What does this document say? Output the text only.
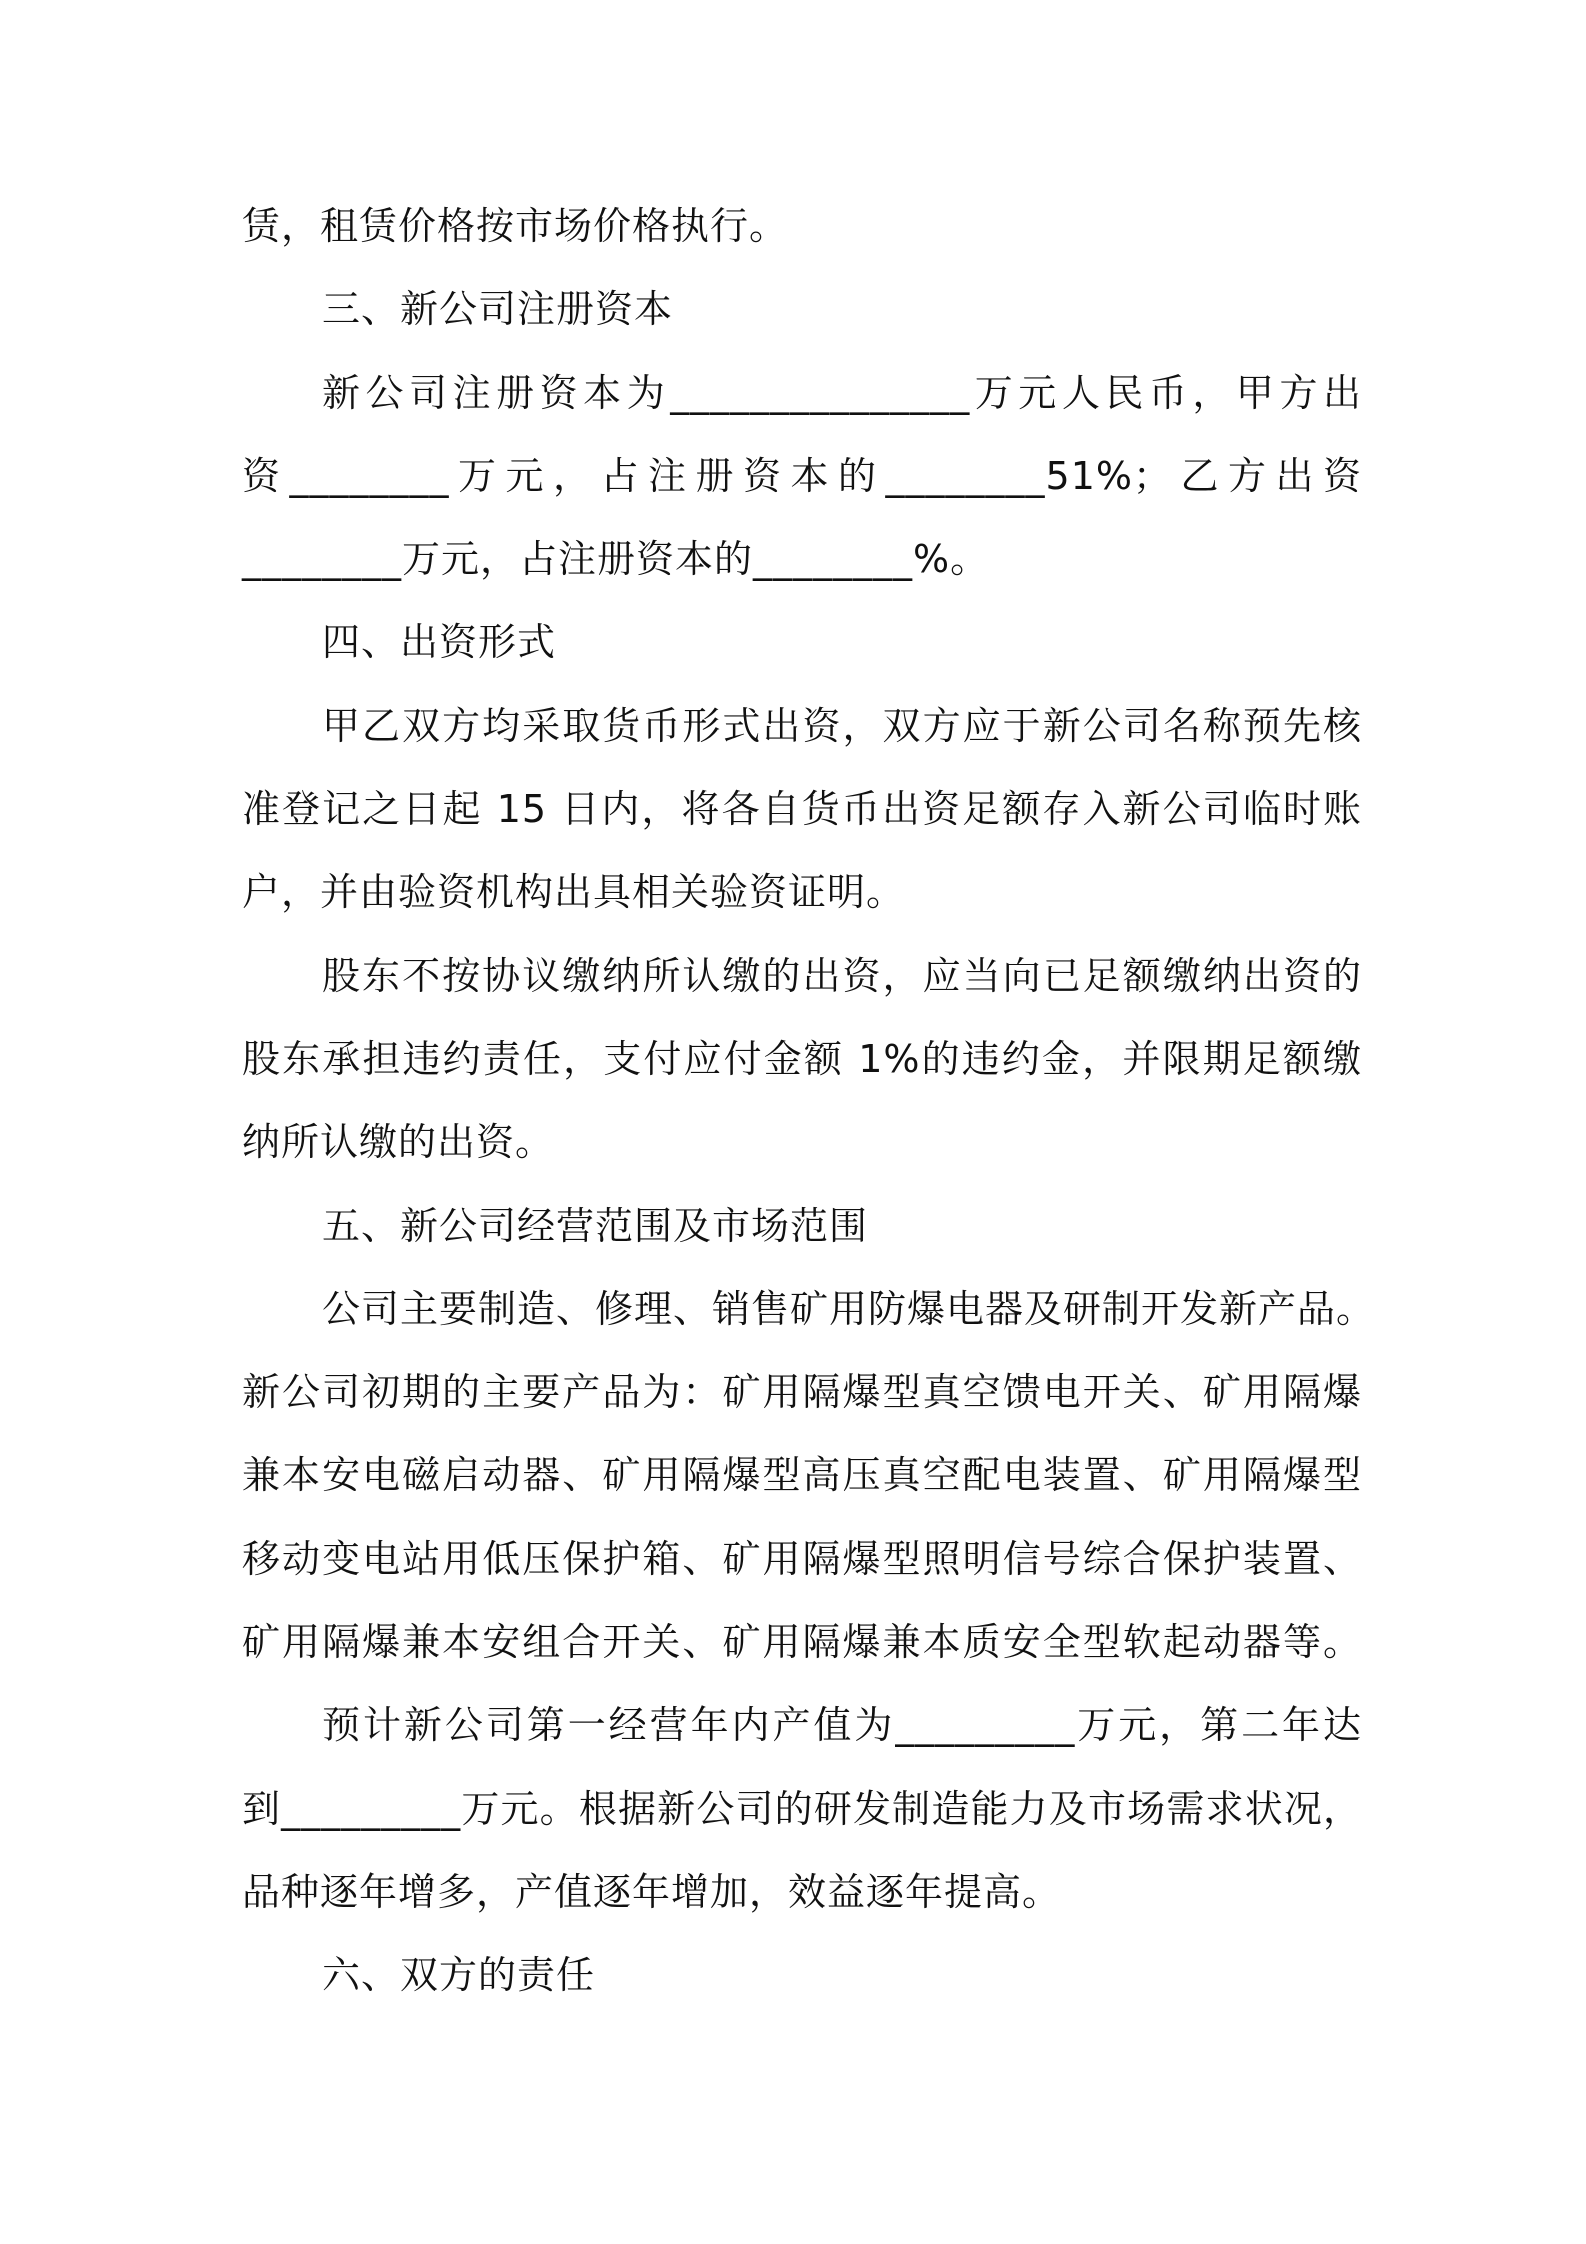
赁，租赁价格按市场价格执行。
三、新公司注册资本
新公司注册资本为_______________万元人民币，甲方出
资________万元，占注册资本的________51%；乙方出资
________万元，占注册资本的________%。
四、出资形式
甲乙双方均采取货币形式出资，双方应于新公司名称预先核
准登记之日起 15 日内，将各自货币出资足额存入新公司临时账
户，并由验资机构出具相关验资证明。
股东不按协议缴纳所认缴的出资，应当向已足额缴纳出资的
股东承担违约责任，支付应付金额 1%的违约金，并限期足额缴
纳所认缴的出资。
五、新公司经营范围及市场范围
公司主要制造、修理、销售矿用防爆电器及研制开发新产品。
新公司初期的主要产品为：矿用隔爆型真空馈电开关、矿用隔爆
兼本安电磁启动器、矿用隔爆型高压真空配电装置、矿用隔爆型
移动变电站用低压保护箱、矿用隔爆型照明信号综合保护装置、
矿用隔爆兼本安组合开关、矿用隔爆兼本质安全型软起动器等。
预计新公司第一经营年内产值为_________万元，第二年达
到_________万元。根据新公司的研发制造能力及市场需求状况，
品种逐年增多，产值逐年增加，效益逐年提高。
六、双方的责任
